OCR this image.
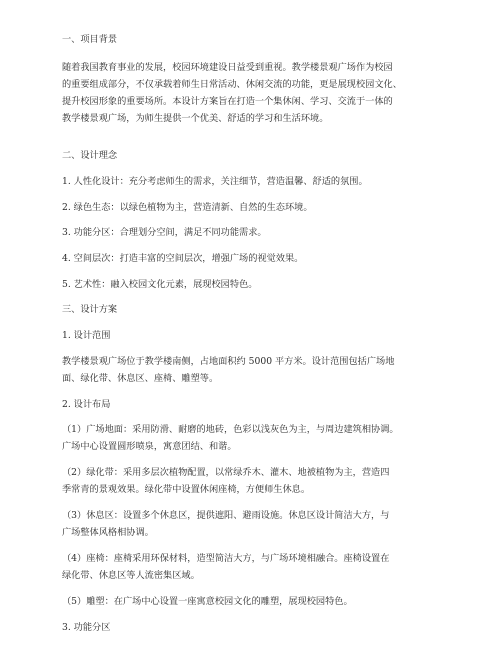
一、项目背景
随着我国教育事业的发展，校园环境建设日益受到重视。教学楼景观广场作为校园
的重要组成部分，不仅承载着师生日常活动、休闲交流的功能，更是展现校园文化、
提升校园形象的重要场所。本设计方案旨在打造一个集休闲、学习、交流于一体的
教学楼景观广场，为师生提供一个优美、舒适的学习和生活环境。
二、设计理念
1. 人性化设计：充分考虑师生的需求，关注细节，营造温馨、舒适的氛围。
2. 绿色生态：以绿色植物为主，营造清新、自然的生态环境。
3. 功能分区：合理划分空间，满足不同功能需求。
4. 空间层次：打造丰富的空间层次，增强广场的视觉效果。
5. 艺术性：融入校园文化元素，展现校园特色。
三、设计方案
1. 设计范围
教学楼景观广场位于教学楼南侧，占地面积约 5000 平方米。设计范围包括广场地
面、绿化带、休息区、座椅、雕塑等。
2. 设计布局
（1）广场地面：采用防滑、耐磨的地砖，色彩以浅灰色为主，与周边建筑相协调。
广场中心设置圆形喷泉，寓意团结、和谐。
（2）绿化带：采用多层次植物配置，以常绿乔木、灌木、地被植物为主，营造四
季常青的景观效果。绿化带中设置休闲座椅，方便师生休息。
（3）休息区：设置多个休息区，提供遮阳、避雨设施。休息区设计简洁大方，与
广场整体风格相协调。
（4）座椅：座椅采用环保材料，造型简洁大方，与广场环境相融合。座椅设置在
绿化带、休息区等人流密集区域。
（5）雕塑：在广场中心设置一座寓意校园文化的雕塑，展现校园特色。
3. 功能分区
